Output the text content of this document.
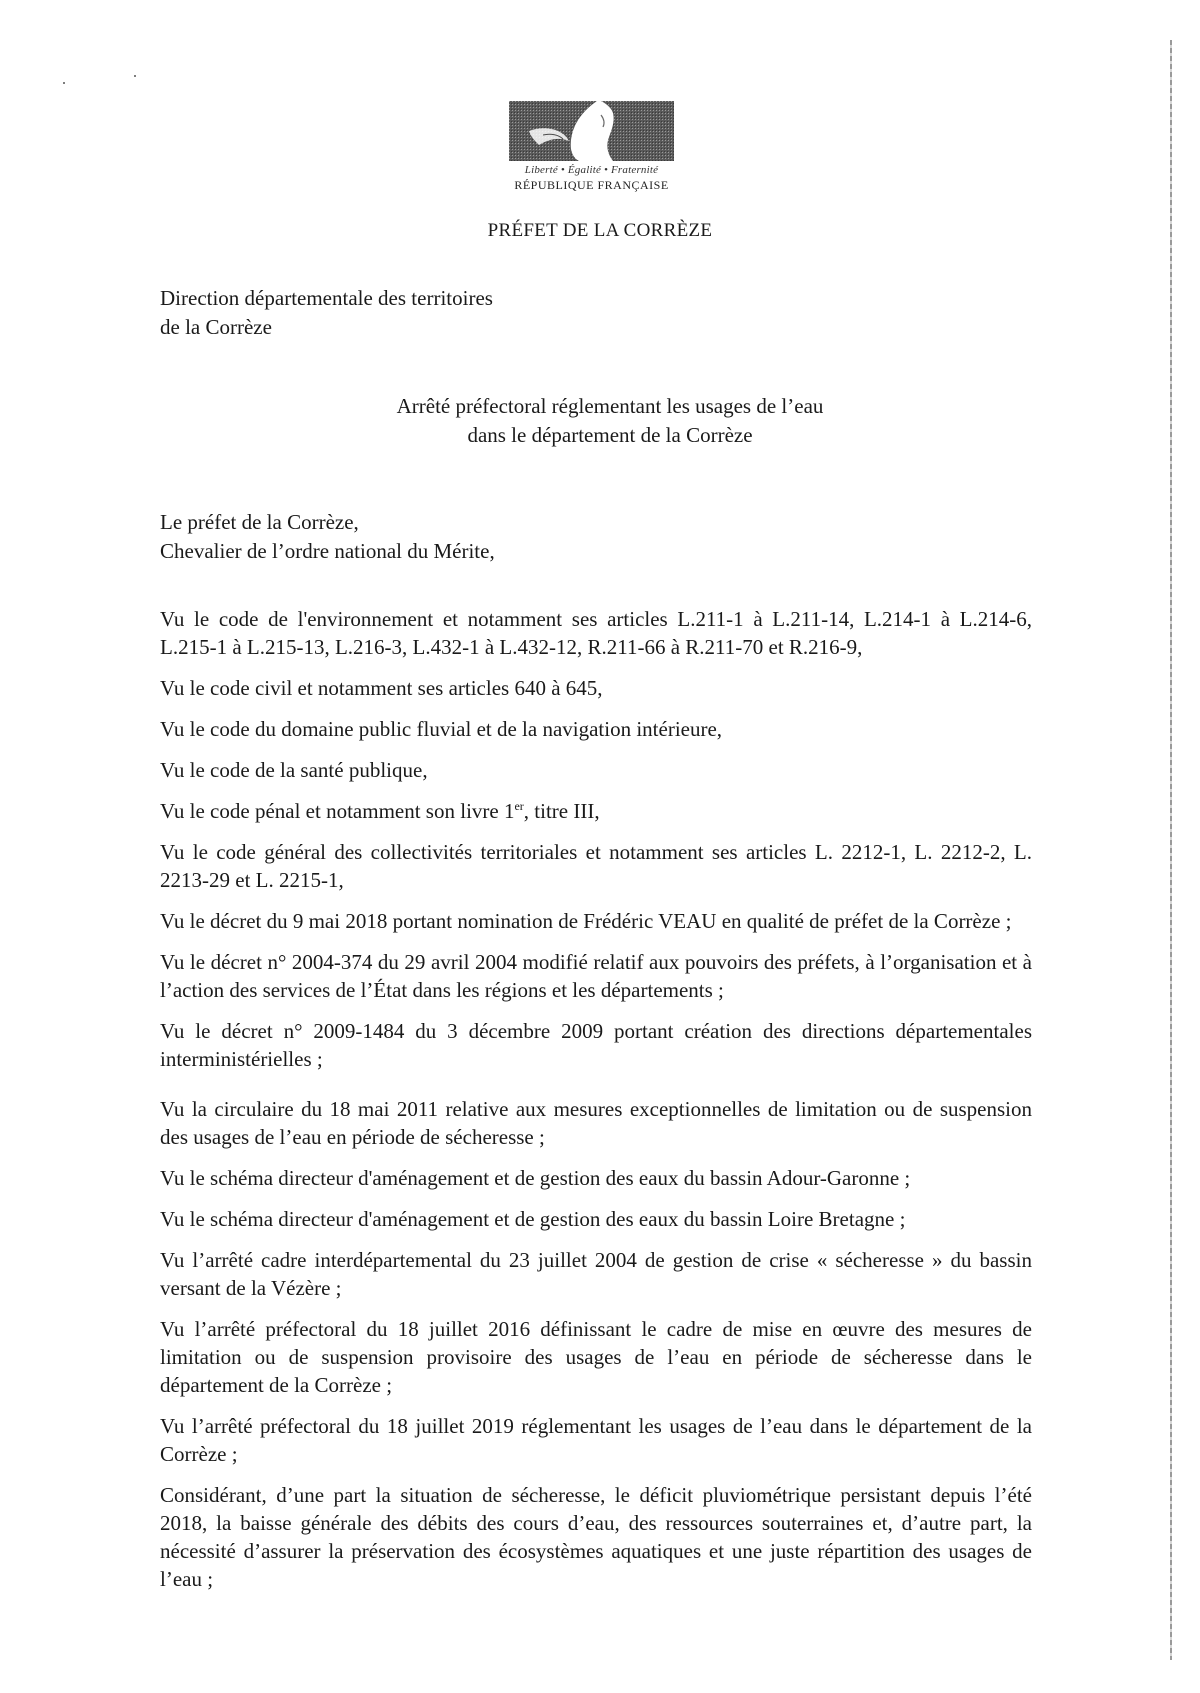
Liberté • Égalité • Fraternité
RÉPUBLIQUE FRANÇAISE
PRÉFET DE LA CORRÈZE
Direction départementale des territoires
de la Corrèze
Arrêté préfectoral réglementant les usages de l’eau
dans le département de la Corrèze
Le préfet de la Corrèze,
Chevalier de l’ordre national du Mérite,

Vu le code de l'environnement et notamment ses articles L.211-1 à L.211-14, L.214-1 à L.214-6, L.215-1 à L.215-13, L.216-3, L.432-1 à L.432-12, R.211-66 à R.211-70 et R.216-9,

Vu le code civil et notamment ses articles 640 à 645,

Vu le code du domaine public fluvial et de la navigation intérieure,

Vu le code de la santé publique,

Vu le code pénal et notamment son livre 1er, titre III,

Vu le code général des collectivités territoriales et notamment ses articles L. 2212-1, L. 2212-2, L. 2213-29 et L. 2215-1,

Vu le décret du 9 mai 2018 portant nomination de Frédéric VEAU en qualité de préfet de la Corrèze ;

Vu le décret n° 2004-374 du 29 avril 2004 modifié relatif aux pouvoirs des préfets, à l’organisation et à l’action des services de l’État dans les régions et les départements ;

Vu le décret n° 2009-1484 du 3 décembre 2009 portant création des directions départementales interministérielles ;

Vu la circulaire du 18 mai 2011 relative aux mesures exceptionnelles de limitation ou de suspension des usages de l’eau en période de sécheresse ;

Vu le schéma directeur d'aménagement et de gestion des eaux du bassin Adour-Garonne ;

Vu le schéma directeur d'aménagement et de gestion des eaux du bassin Loire Bretagne ;

Vu l’arrêté cadre interdépartemental du 23 juillet 2004 de gestion de crise « sécheresse » du bassin versant de la Vézère ;

Vu l’arrêté préfectoral du 18 juillet 2016 définissant le cadre de mise en œuvre des mesures de limitation ou de suspension provisoire des usages de l’eau en période de sécheresse dans le département de la Corrèze ;

Vu l’arrêté préfectoral du 18 juillet 2019 réglementant les usages de l’eau dans le département de la Corrèze ;

Considérant, d’une part la situation de sécheresse, le déficit pluviométrique persistant depuis l’été 2018, la baisse générale des débits des cours d’eau, des ressources souterraines et, d’autre part, la nécessité d’assurer la préservation des écosystèmes aquatiques et une juste répartition des usages de l’eau ;
